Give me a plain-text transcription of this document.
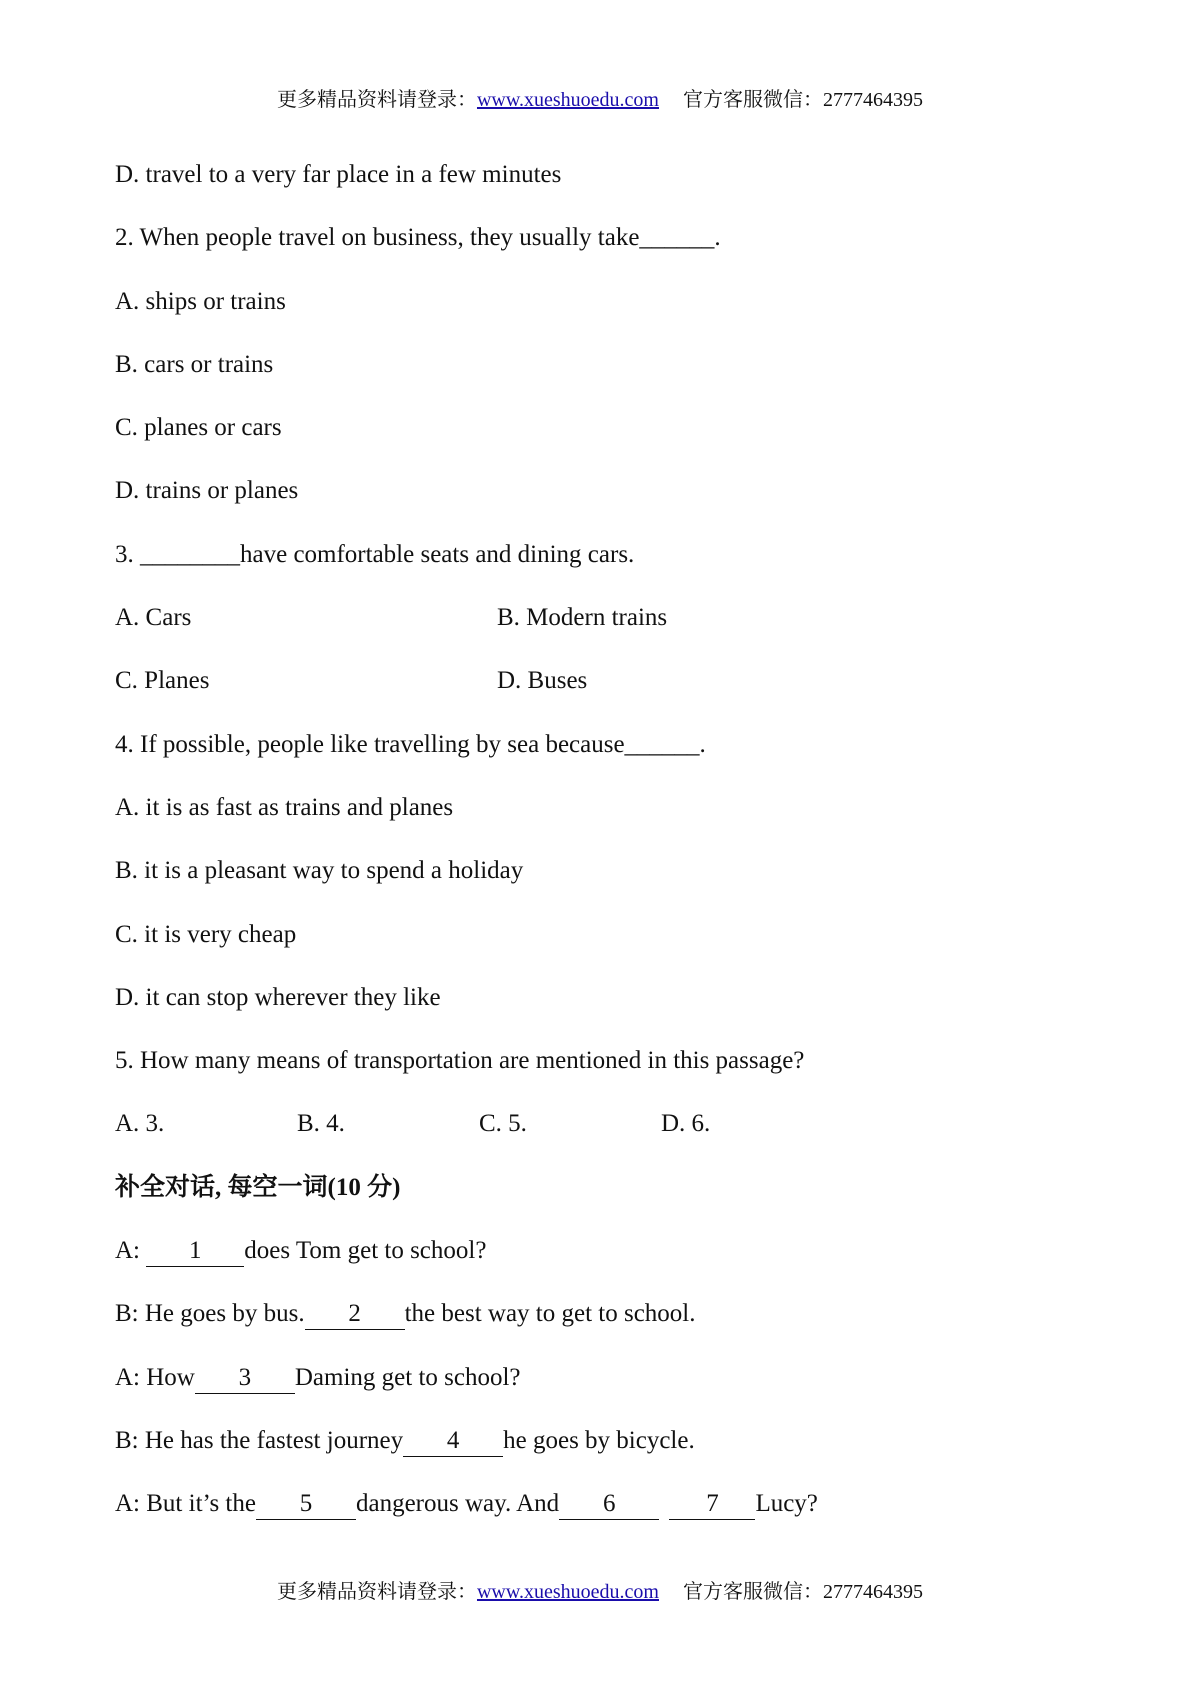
更多精品资料请登录：www.xueshuoedu.com 官方客服微信：2777464395
D. travel to a very far place in a few minutes
2. When people travel on business, they usually take______.
A. ships or trains
B. cars or trains
C. planes or cars
D. trains or planes
3. ________have comfortable seats and dining cars.
A. Cars	B. Modern trains
C. Planes	D. Buses
4. If possible, people like travelling by sea because______.
A. it is as fast as trains and planes
B. it is a pleasant way to spend a holiday
C. it is very cheap
D. it can stop wherever they like
5. How many means of transportation are mentioned in this passage?
A. 3.	B. 4.	C. 5.	D. 6.
补全对话, 每空一词(10 分)
A: 1 does Tom get to school?
B: He goes by bus. 2 the best way to get to school.
A: How 3 Daming get to school?
B: He has the fastest journey 4 he goes by bicycle.
A: But it’s the 5 dangerous way. And 6	7 Lucy?
更多精品资料请登录：www.xueshuoedu.com 官方客服微信：2777464395
